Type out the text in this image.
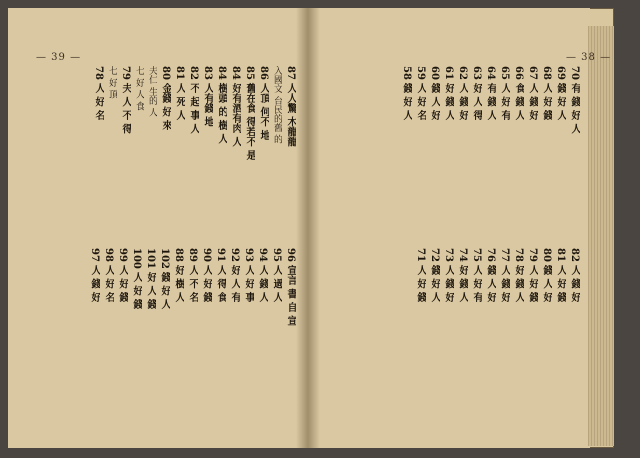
— 39 —	— 38 —
87 人人驚 木龍龍
入國文 台民的舊 的
86 人頂 何不 地
85 舊在食 得若不 是
84 好有酒有肉 人
84 樹頭 的 樹 人
83 人有錢 地
82 不 起 事 人
81 人 死 人
80 金錢 好 來
夫仁 生的 人
七 好 人 食
79 夫 人 不 得
七 好 頂
78 人 好 名
96 宣言 書 自 宣
95 人 過 人
94 人 錢 人
93 人 好 事
92 好 人 有
91 人 得 食
90 人 好 錢
89 人 不 名
88 好 樹 人
102 錢 好 人
101 好 人 錢
100 人 好 錢
99 人 好 錢
98 人 好 名
97 人 錢 好
70 有 錢 好 人
69 錢 好 人
68 人 好 錢
67 人 錢 好
66 食 錢 人
65 人 好 有
64 有 錢 人
63 好 人 得
62 人 錢 好
61 好 錢 人
60 錢 人 好
59 人 好 名
58 錢 好 人
82 人 錢 好
81 人 好 錢
80 錢 人 好
79 人 好 錢
78 好 錢 人
77 人 錢 好
76 錢 人 好
75 人 好 有
74 好 錢 人
73 人 錢 好
72 錢 好 人
71 人 好 錢
